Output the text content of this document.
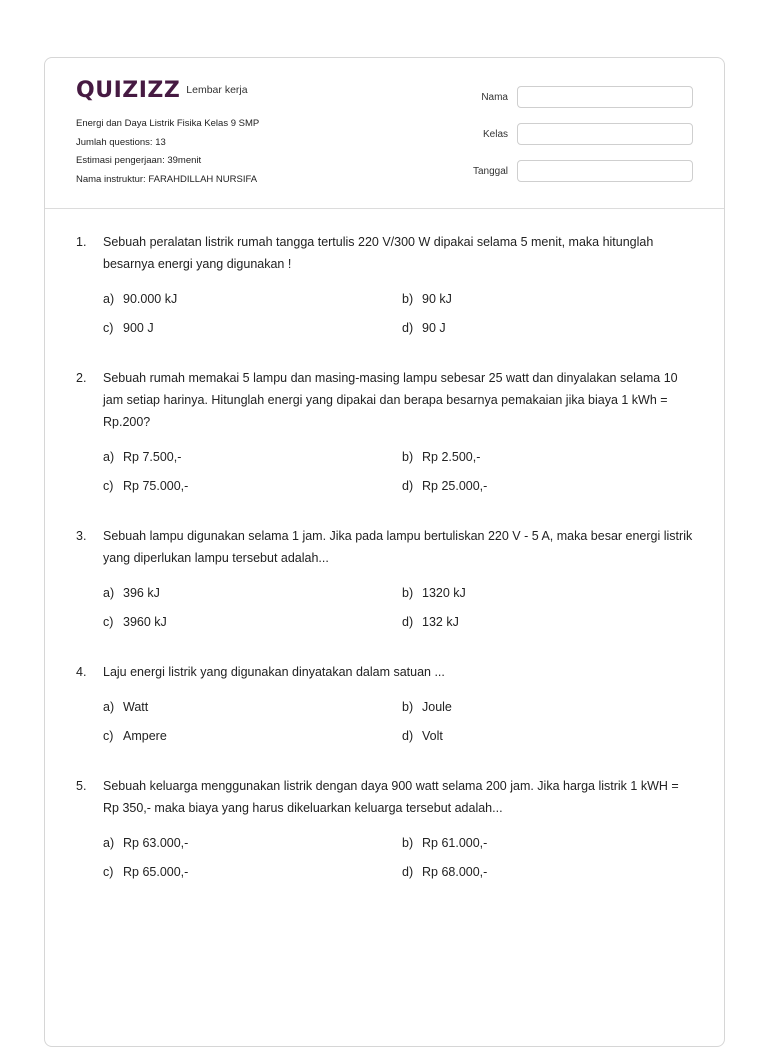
QUIZIZZ Lembar kerja
Energi dan Daya Listrik Fisika Kelas 9 SMP
Jumlah questions: 13
Estimasi pengerjaan: 39menit
Nama instruktur: FARAHDILLAH NURSIFA
Nama
Kelas
Tanggal
1.	Sebuah peralatan listrik rumah tangga tertulis 220 V/300 W dipakai selama 5 menit, maka hitunglah besarnya energi yang digunakan !
a) 90.000 kJ	b) 90 kJ
c) 900 J	d) 90 J
2.	Sebuah rumah memakai 5 lampu dan masing-masing lampu sebesar 25 watt dan dinyalakan selama 10 jam setiap harinya. Hitunglah energi yang dipakai dan berapa besarnya pemakaian jika biaya 1 kWh = Rp.200?
a) Rp 7.500,-	b) Rp 2.500,-
c) Rp 75.000,-	d) Rp 25.000,-
3.	Sebuah lampu digunakan selama 1 jam. Jika pada lampu bertuliskan 220 V - 5 A, maka besar energi listrik yang diperlukan lampu tersebut adalah...
a) 396 kJ	b) 1320 kJ
c) 3960 kJ	d) 132 kJ
4.	Laju energi listrik yang digunakan dinyatakan dalam satuan ...
a) Watt	b) Joule
c) Ampere	d) Volt
5.	Sebuah keluarga menggunakan listrik dengan daya 900 watt selama 200 jam. Jika harga listrik 1 kWH = Rp 350,- maka biaya yang harus dikeluarkan keluarga tersebut adalah...
a) Rp 63.000,-	b) Rp 61.000,-
c) Rp 65.000,-	d) Rp 68.000,-
